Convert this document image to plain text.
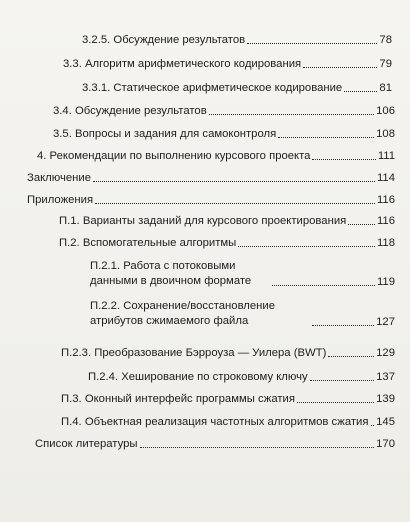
3.2.5. Обсуждение результатов	78
3.3. Алгоритм арифметического кодирования	79
3.3.1. Статическое арифметическое кодирование	81
3.4. Обсуждение результатов	106
3.5. Вопросы и задания для самоконтроля	108
4. Рекомендации по выполнению курсового проекта	111
Заключение	114
Приложения	116
П.1. Варианты заданий для курсового проектирования	116
П.2. Вспомогательные алгоритмы	118
П.2.1. Работа с потоковыми данными в двоичном формате	119
П.2.2. Сохранение/восстановление атрибутов сжимаемого файла	127
П.2.3. Преобразование Бэрроуза — Уилера (BWT)	129
П.2.4. Хеширование по строковому ключу	137
П.3. Оконный интерфейс программы сжатия	139
П.4. Объектная реализация частотных алгоритмов сжатия 145
Список литературы	170
